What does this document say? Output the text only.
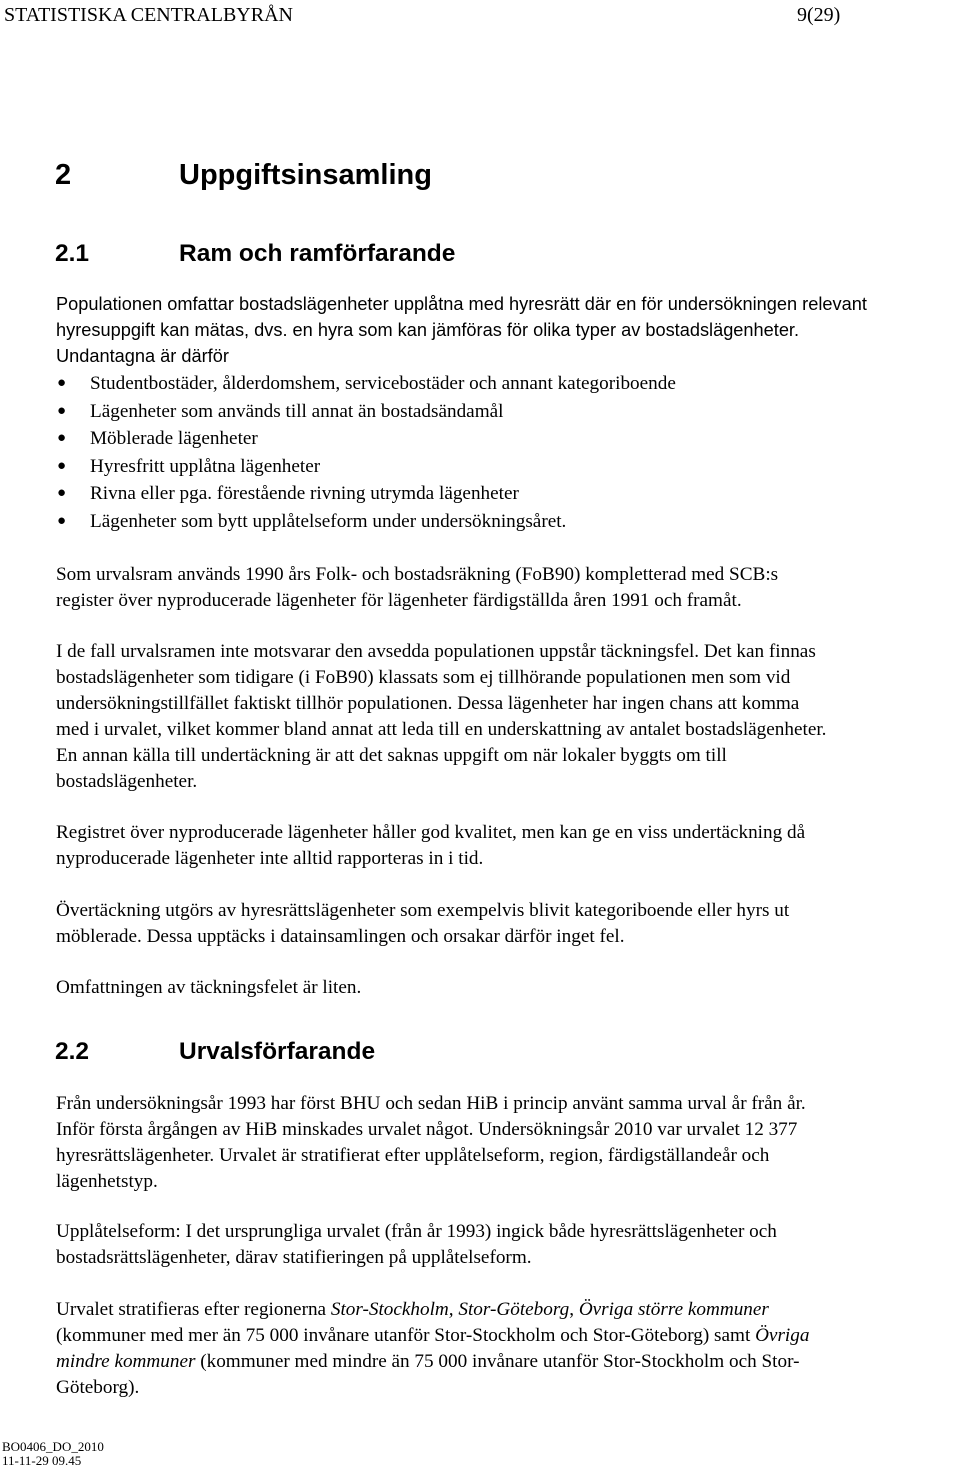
STATISTISKA CENTRALBYRÅN	9(29)
2	Uppgiftsinsamling
2.1	Ram och ramförfarande

Populationen omfattar bostadslägenheter upplåtna med hyresrätt där en för undersökningen relevant

hyresuppgift kan mätas, dvs. en hyra som kan jämföras för olika typer av bostadslägenheter.

Undantagna är därför

● Studentbostäder, ålderdomshem, servicebostäder och annant kategoriboende
● Lägenheter som används till annat än bostadsändamål
● Möblerade lägenheter
● Hyresfritt upplåtna lägenheter
● Rivna eller pga. förestående rivning utrymda lägenheter
● Lägenheter som bytt upplåtelseform under undersökningsåret.

Som urvalsram används 1990 års Folk- och bostadsräkning (FoB90) kompletterad med SCB:s

register över nyproducerade lägenheter för lägenheter färdigställda åren 1991 och framåt.

I de fall urvalsramen inte motsvarar den avsedda populationen uppstår täckningsfel. Det kan finnas

bostadslägenheter som tidigare (i FoB90) klassats som ej tillhörande populationen men som vid

undersökningstillfället faktiskt tillhör populationen. Dessa lägenheter har ingen chans att komma

med i urvalet, vilket kommer bland annat att leda till en underskattning av antalet bostadslägenheter.

En annan källa till undertäckning är att det saknas uppgift om när lokaler byggts om till

bostadslägenheter.

Registret över nyproducerade lägenheter håller god kvalitet, men kan ge en viss undertäckning då

nyproducerade lägenheter inte alltid rapporteras in i tid.

Övertäckning utgörs av hyresrättslägenheter som exempelvis blivit kategoriboende eller hyrs ut

möblerade. Dessa upptäcks i datainsamlingen och orsakar därför inget fel.

Omfattningen av täckningsfelet är liten.

2.2	Urvalsförfarande

Från undersökningsår 1993 har först BHU och sedan HiB i princip använt samma urval år från år.

Inför första årgången av HiB minskades urvalet något. Undersökningsår 2010 var urvalet 12 377

hyresrättslägenheter. Urvalet är stratifierat efter upplåtelseform, region, färdigställandeår och

lägenhetstyp.

Upplåtelseform: I det ursprungliga urvalet (från år 1993) ingick både hyresrättslägenheter och

bostadsrättslägenheter, därav statifieringen på upplåtelseform.

Urvalet stratifieras efter regionerna Stor-Stockholm, Stor-Göteborg, Övriga större kommuner

(kommuner med mer än 75 000 invånare utanför Stor-Stockholm och Stor-Göteborg) samt Övriga

mindre kommuner (kommuner med mindre än 75 000 invånare utanför Stor-Stockholm och Stor-

Göteborg).

BO0406_DO_2010
11-11-29 09.45
